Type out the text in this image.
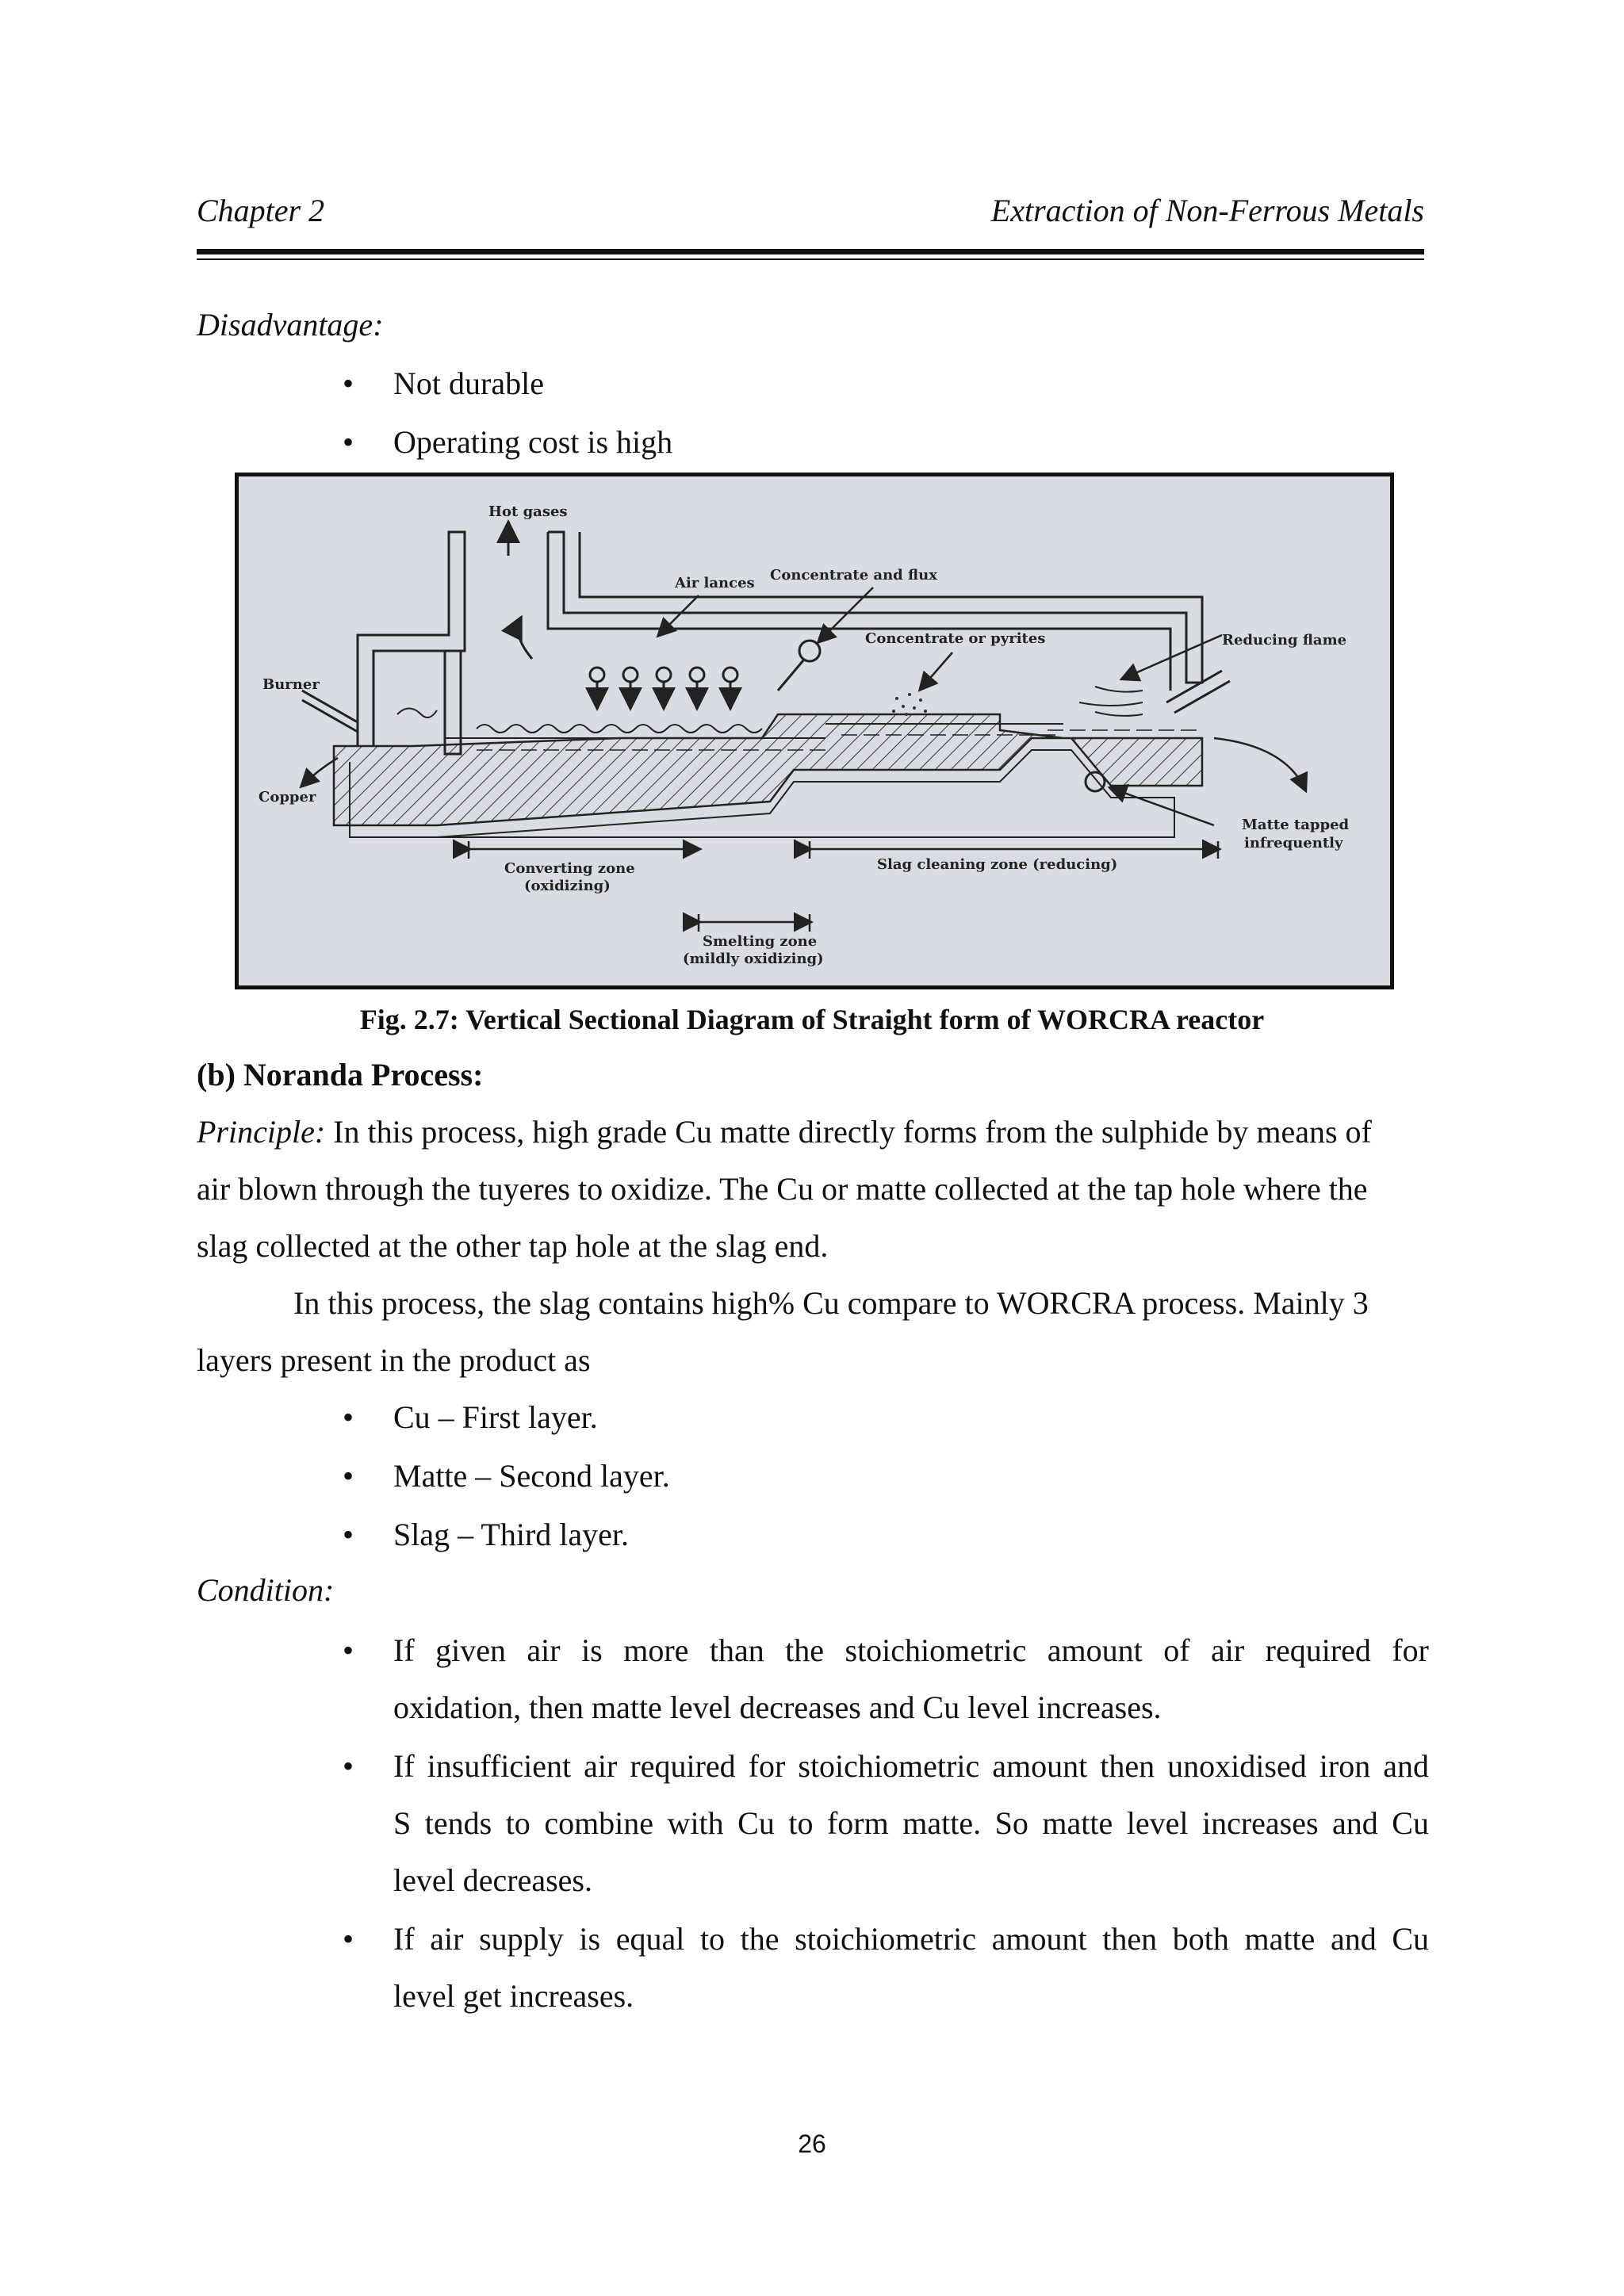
Chapter 2	Extraction of Non-Ferrous Metals
Disadvantage:
• Not durable
• Operating cost is high
Hot gases
Air lances Concentrate and flux
Concentrate or pyrites	Reducing flame
Burner
Copper
Matte tapped
infrequently
Converting zone
(oxidizing)
Slag cleaning zone (reducing)
Smelting zone
(mildly oxidizing)
Fig. 2.7: Vertical Sectional Diagram of Straight form of WORCRA reactor
(b) Noranda Process:
Principle: In this process, high grade Cu matte directly forms from the sulphide by means of
air blown through the tuyeres to oxidize. The Cu or matte collected at the tap hole where the
slag collected at the other tap hole at the slag end.
In this process, the slag contains high% Cu compare to WORCRA process. Mainly 3
layers present in the product as
• Cu – First layer.
• Matte – Second layer.
• Slag – Third layer.
Condition:
• If given air is more than the stoichiometric amount of air required for
oxidation, then matte level decreases and Cu level increases.
• If insufficient air required for stoichiometric amount then unoxidised iron and
S tends to combine with Cu to form matte. So matte level increases and Cu
level decreases.
• If air supply is equal to the stoichiometric amount then both matte and Cu
level get increases.
26
